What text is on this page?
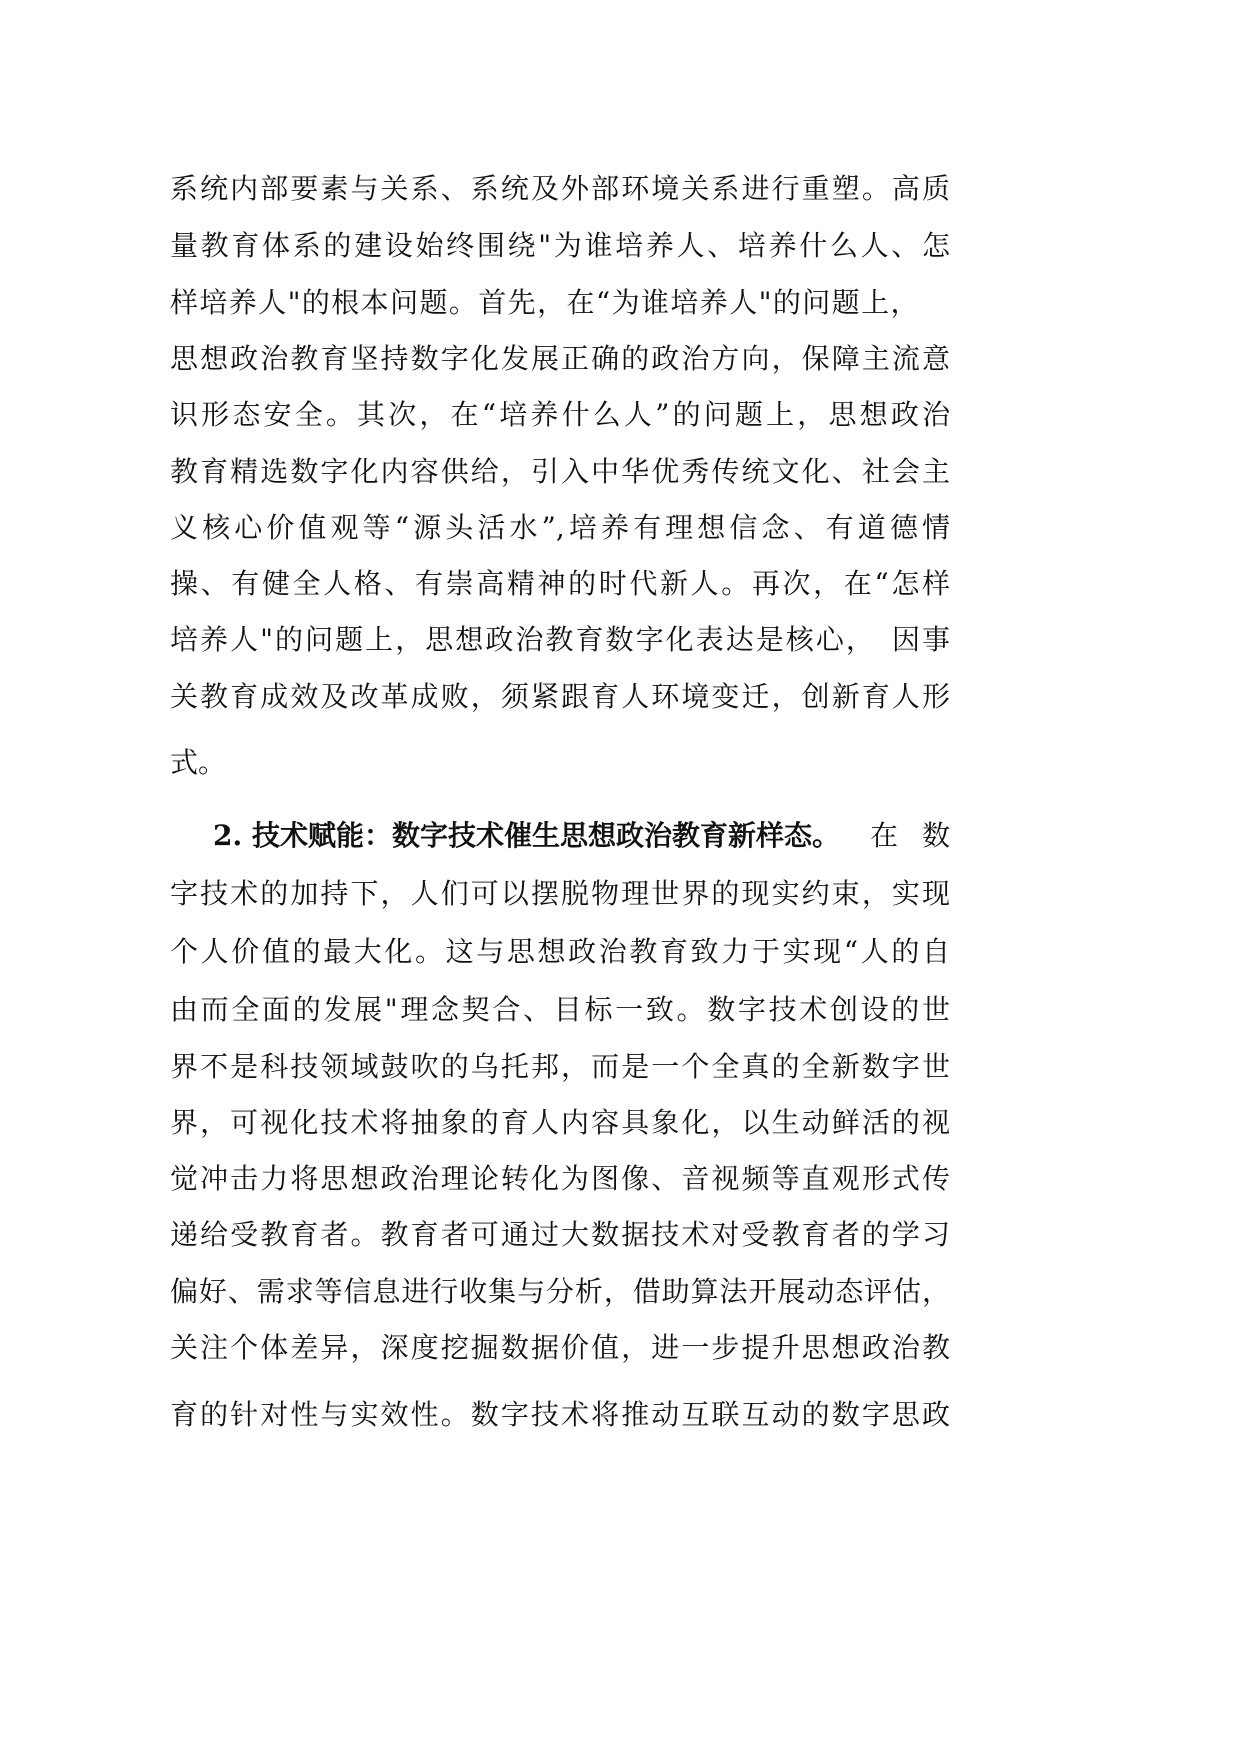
系统内部要素与关系、系统及外部环境关系进行重塑。高质
量教育体系的建设始终围绕"为谁培养人、培养什么人、怎
样培养人"的根本问题。首先，在“为谁培养人"的问题上，
思想政治教育坚持数字化发展正确的政治方向，保障主流意
识形态安全。其次，在“培养什么人”的问题上，思想政治
教育精选数字化内容供给，引入中华优秀传统文化、社会主
义核心价值观等“源头活水”,培养有理想信念、有道德情
操、有健全人格、有崇高精神的时代新人。再次，在“怎样
培养人"的问题上，思想政治教育数字化表达是核心，　因事
关教育成效及改革成败，须紧跟育人环境变迁，创新育人形
式。
2. 技术赋能：数字技术催生思想政治教育新样态。 在 数
字技术的加持下，人们可以摆脱物理世界的现实约束，实现
个人价值的最大化。这与思想政治教育致力于实现“人的自
由而全面的发展"理念契合、目标一致。数字技术创设的世
界不是科技领域鼓吹的乌托邦，而是一个全真的全新数字世
界，可视化技术将抽象的育人内容具象化，以生动鲜活的视
觉冲击力将思想政治理论转化为图像、音视频等直观形式传
递给受教育者。教育者可通过大数据技术对受教育者的学习
偏好、需求等信息进行收集与分析，借助算法开展动态评估，
关注个体差异，深度挖掘数据价值，进一步提升思想政治教
育的针对性与实效性。数字技术将推动互联互动的数字思政
